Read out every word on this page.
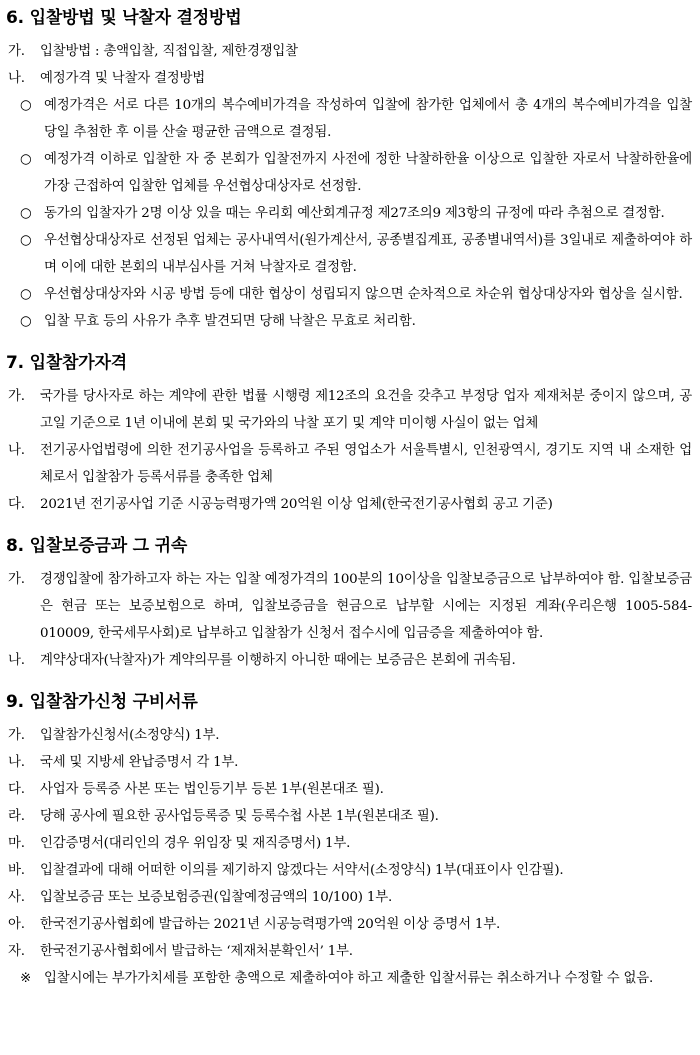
6. 입찰방법 및 낙찰자 결정방법

가. 입찰방법 : 총액입찰, 직접입찰, 제한경쟁입찰

나. 예정가격 및 낙찰자 결정방법

○ 예정가격은 서로 다른 10개의 복수예비가격을 작성하여 입찰에 참가한 업체에서 총 4개의 복수예비가격을 입찰 당일 추첨한 후 이를 산술 평균한 금액으로 결정됨.

○ 예정가격 이하로 입찰한 자 중 본회가 입찰전까지 사전에 정한 낙찰하한율 이상으로 입찰한 자로서 낙찰하한율에 가장 근접하여 입찰한 업체를 우선협상대상자로 선정함.

○ 동가의 입찰자가 2명 이상 있을 때는 우리회 예산회계규정 제27조의9 제3항의 규정에 따라 추첨으로 결정함.

○ 우선협상대상자로 선정된 업체는 공사내역서(원가계산서, 공종별집계표, 공종별내역서)를 3일내로 제출하여야 하며 이에 대한 본회의 내부심사를 거쳐 낙찰자로 결정함.

○ 우선협상대상자와 시공 방법 등에 대한 협상이 성립되지 않으면 순차적으로 차순위 협상대상자와 협상을 실시함.

○ 입찰 무효 등의 사유가 추후 발견되면 당해 낙찰은 무효로 처리함.

7. 입찰참가자격

가. 국가를 당사자로 하는 계약에 관한 법률 시행령 제12조의 요건을 갖추고 부정당 업자 제재처분 중이지 않으며, 공고일 기준으로 1년 이내에 본회 및 국가와의 낙찰 포기 및 계약 미이행 사실이 없는 업체

나. 전기공사업법령에 의한 전기공사업을 등록하고 주된 영업소가 서울특별시, 인천광역시, 경기도 지역 내 소재한 업체로서 입찰참가 등록서류를 충족한 업체

다. 2021년 전기공사업 기준 시공능력평가액 20억원 이상 업체(한국전기공사협회 공고 기준)

8. 입찰보증금과 그 귀속

가. 경쟁입찰에 참가하고자 하는 자는 입찰 예정가격의 100분의 10이상을 입찰보증금으로 납부하여야 함. 입찰보증금은 현금 또는 보증보험으로 하며, 입찰보증금을 현금으로 납부할 시에는 지정된 계좌(우리은행 1005-584-010009, 한국세무사회)로 납부하고 입찰참가 신청서 접수시에 입금증을 제출하여야 함.

나. 계약상대자(낙찰자)가 계약의무를 이행하지 아니한 때에는 보증금은 본회에 귀속됨.

9. 입찰참가신청 구비서류

가. 입찰참가신청서(소정양식) 1부.

나. 국세 및 지방세 완납증명서 각 1부.

다. 사업자 등록증 사본 또는 법인등기부 등본 1부(원본대조 필).

라. 당해 공사에 필요한 공사업등록증 및 등록수첩 사본 1부(원본대조 필).

마. 인감증명서(대리인의 경우 위임장 및 재직증명서) 1부.

바. 입찰결과에 대해 어떠한 이의를 제기하지 않겠다는 서약서(소정양식) 1부(대표이사 인감필).

사. 입찰보증금 또는 보증보험증권(입찰예정금액의 10/100) 1부.

아. 한국전기공사협회에 발급하는 2021년 시공능력평가액 20억원 이상 증명서 1부.

자. 한국전기공사협회에서 발급하는 ‘제재처분확인서’ 1부.

※ 입찰시에는 부가가치세를 포함한 총액으로 제출하여야 하고 제출한 입찰서류는 취소하거나 수정할 수 없음.
